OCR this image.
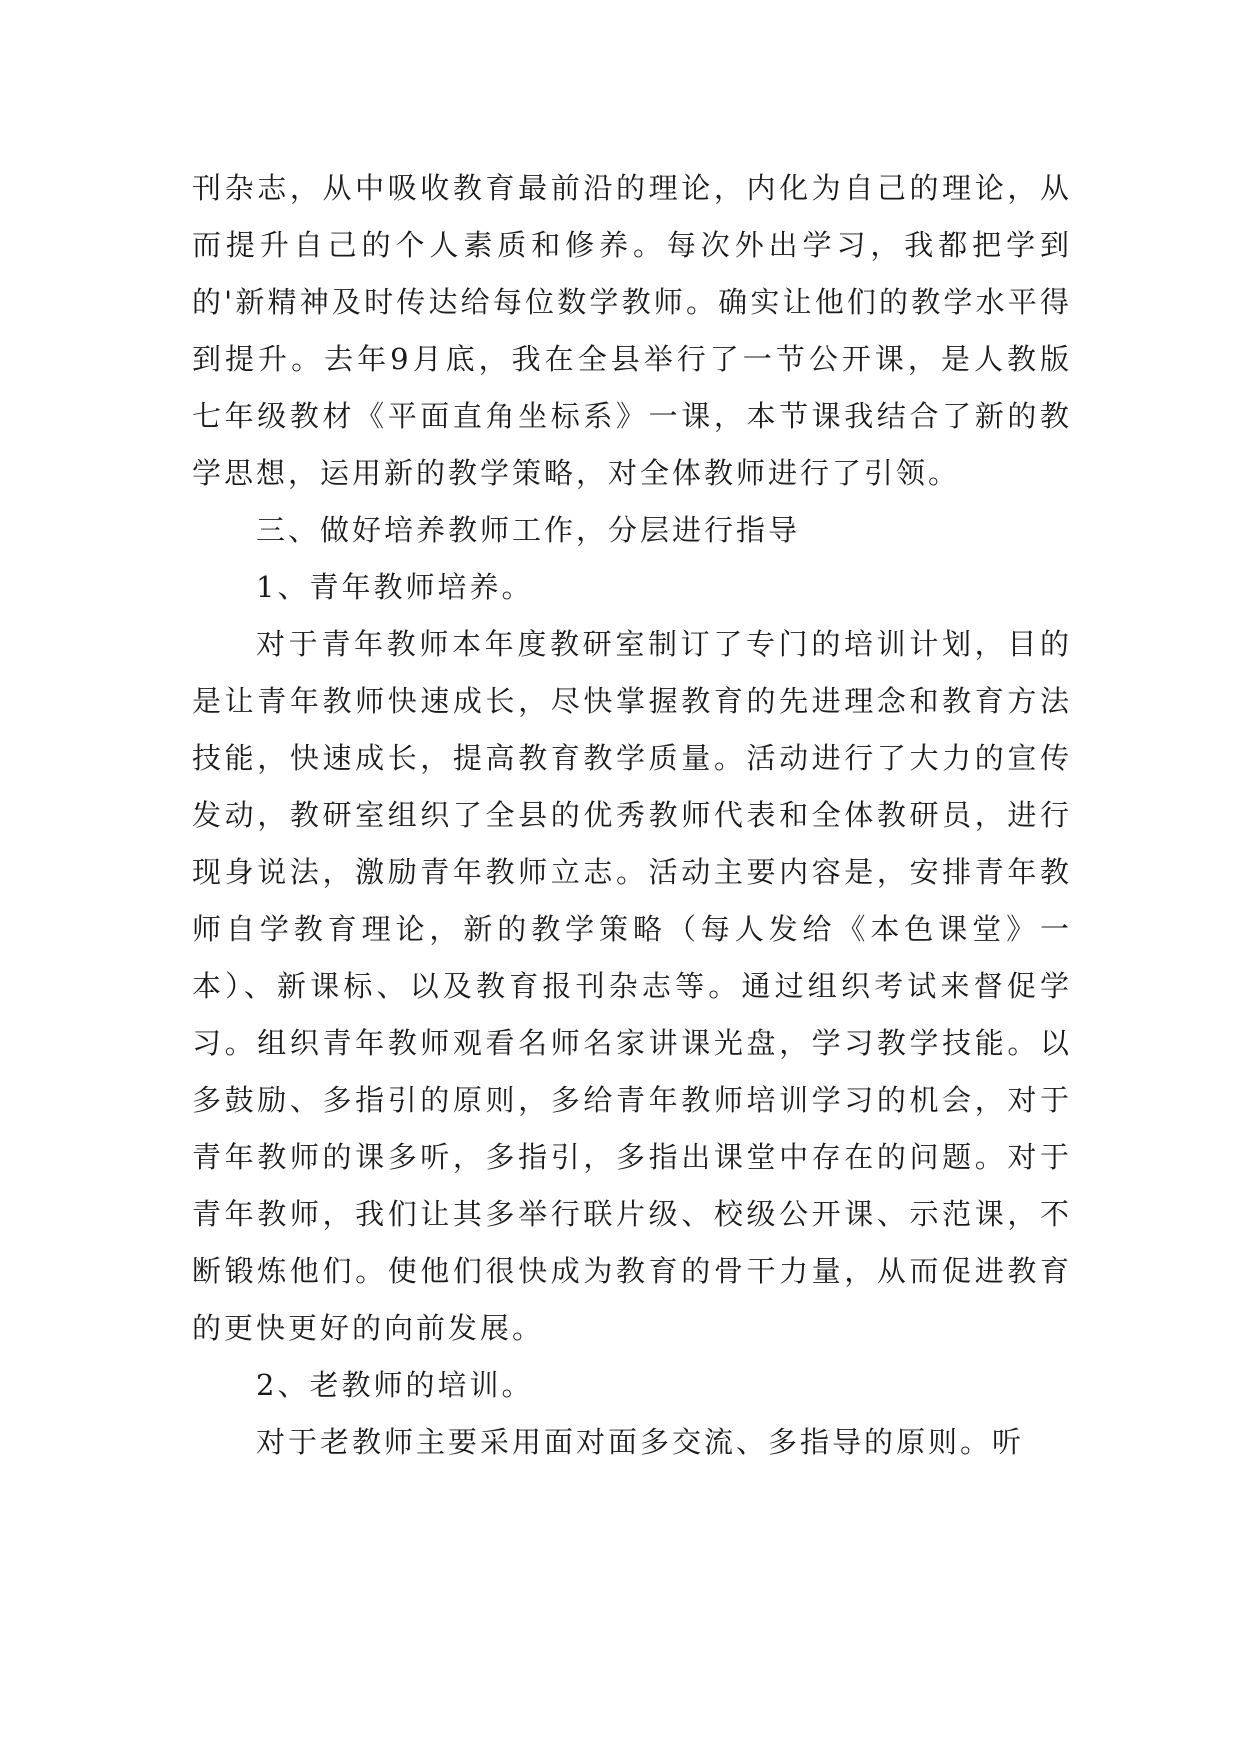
刊杂志，从中吸收教育最前沿的理论，内化为自己的理论，从而提升自己的个人素质和修养。每次外出学习，我都把学到的'新精神及时传达给每位数学教师。确实让他们的教学水平得到提升。去年9月底，我在全县举行了一节公开课，是人教版七年级教材《平面直角坐标系》一课，本节课我结合了新的教学思想，运用新的教学策略，对全体教师进行了引领。

三、做好培养教师工作，分层进行指导

1、青年教师培养。

对于青年教师本年度教研室制订了专门的培训计划，目的是让青年教师快速成长，尽快掌握教育的先进理念和教育方法技能，快速成长，提高教育教学质量。活动进行了大力的宣传发动，教研室组织了全县的优秀教师代表和全体教研员，进行现身说法，激励青年教师立志。活动主要内容是，安排青年教师自学教育理论，新的教学策略（每人发给《本色课堂》一本）、新课标、以及教育报刊杂志等。通过组织考试来督促学习。组织青年教师观看名师名家讲课光盘，学习教学技能。以多鼓励、多指引的原则，多给青年教师培训学习的机会，对于青年教师的课多听，多指引，多指出课堂中存在的问题。对于青年教师，我们让其多举行联片级、校级公开课、示范课，不断锻炼他们。使他们很快成为教育的骨干力量，从而促进教育的更快更好的向前发展。

2、老教师的培训。

对于老教师主要采用面对面多交流、多指导的原则。听
